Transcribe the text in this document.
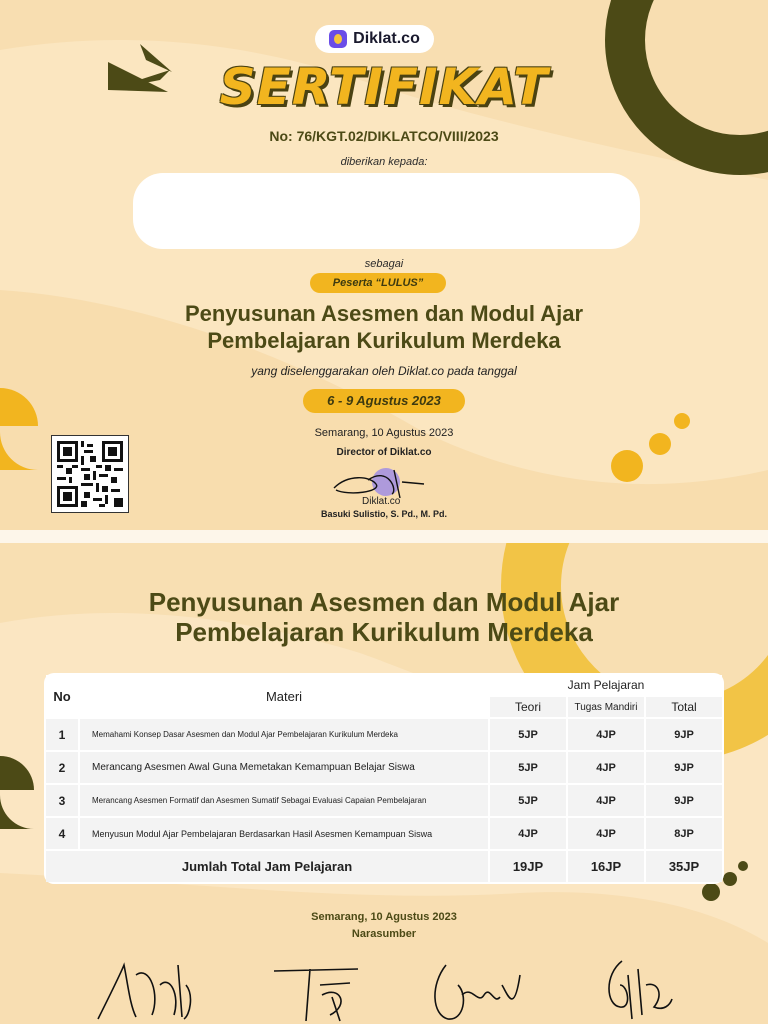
Diklat.co
SERTIFIKAT
No: 76/KGT.02/DIKLATCO/VIII/2023
diberikan kepada:
sebagai
Peserta “LULUS”
Penyusunan Asesmen dan Modul Ajar
Pembelajaran Kurikulum Merdeka
yang diselenggarakan oleh Diklat.co pada tanggal
6 - 9 Agustus 2023
Semarang, 10 Agustus 2023
Director of Diklat.co
Diklat.co
Basuki Sulistio, S. Pd., M. Pd.
Penyusunan Asesmen dan Modul Ajar
Pembelajaran Kurikulum Merdeka
No	Materi	Jam Pelajaran		
		Teori	Tugas Mandiri	Total
1	Memahami Konsep Dasar Asesmen dan Modul Ajar Pembelajaran Kurikulum Merdeka	5JP	4JP	9JP
2	Merancang Asesmen Awal Guna Memetakan Kemampuan Belajar Siswa	5JP	4JP	9JP
3	Merancang Asesmen Formatif dan Asesmen Sumatif Sebagai Evaluasi Capaian Pembelajaran	5JP	4JP	9JP
4	Menyusun Modul Ajar Pembelajaran Berdasarkan Hasil Asesmen Kemampuan Siswa	4JP	4JP	8JP
Jumlah Total Jam Pelajaran		19JP	16JP	35JP
Semarang, 10 Agustus 2023
Narasumber
